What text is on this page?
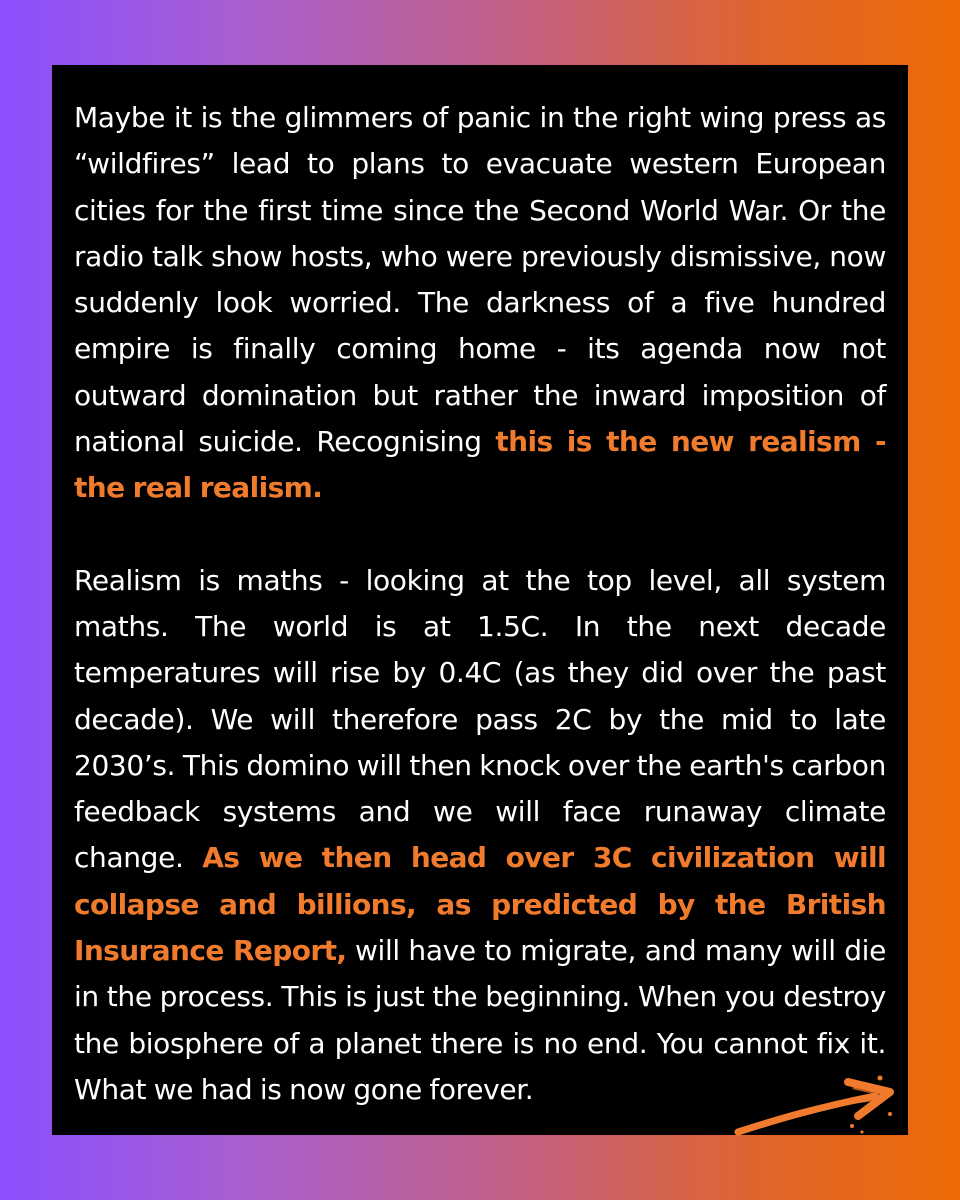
Maybe it is the glimmers of panic in the right wing press as “wildfires” lead to plans to evacuate western European cities for the first time since the Second World War. Or the radio talk show hosts, who were previously dismissive, now suddenly look worried. The darkness of a five hundred empire is finally coming home - its agenda now not outward domination but rather the inward imposition of national suicide. Recognising this is the new realism - the real realism.

Realism is maths - looking at the top level, all system maths. The world is at 1.5C. In the next decade temperatures will rise by 0.4C (as they did over the past decade). We will therefore pass 2C by the mid to late 2030’s. This domino will then knock over the earth's carbon feedback systems and we will face runaway climate change. As we then head over 3C civilization will collapse and billions, as predicted by the British Insurance Report, will have to migrate, and many will die in the process. This is just the beginning. When you destroy the biosphere of a planet there is no end. You cannot fix it. What we had is now gone forever.
